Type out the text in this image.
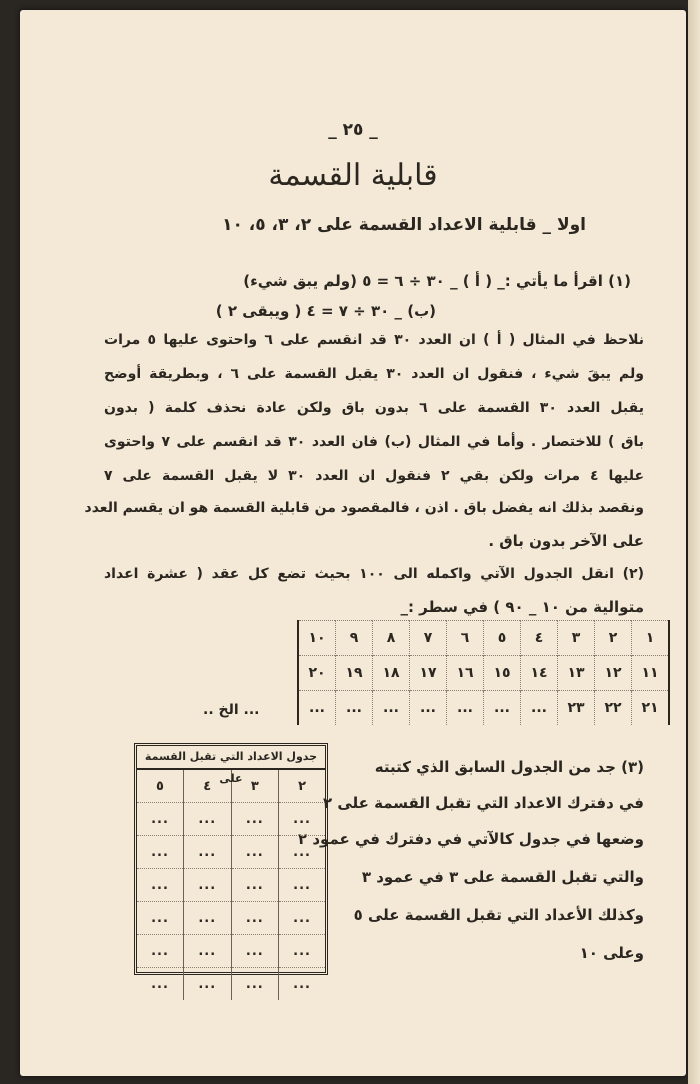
_ ٢٥ _
قابلية القسمة
اولا _ قابلية الاعداد القسمة على ٢، ٣، ٥، ١٠
(١) اقرأ ما يأتي :_ ( أ ) _ ٣٠ ÷ ٦ = ٥ (ولم يبق شيء)
(ب) _ ٣٠ ÷ ٧ = ٤ ( ويبقى ٢ )
نلاحظ في المثال ( أ ) ان العدد ٣٠ قد انقسم على ٦ واحتوى عليها ٥ مرات
ولم يبقَ شيء ، فنقول ان العدد ٣٠ يقبل القسمة على ٦ ، وبطريقة أوضح
يقبل العدد ٣٠ القسمة على ٦ بدون باق ولكن عادة نحذف كلمة ( بدون
باق ) للاختصار . وأما في المثال (ب) فان العدد ٣٠ قد انقسم على ٧ واحتوى
عليها ٤ مرات ولكن بقي ٢ فنقول ان العدد ٣٠ لا يقبل القسمة على ٧
ونقصد بذلك انه يفضل باق . اذن ، فالمقصود من قابلية القسمة هو ان يقسم العدد
على الآخر بدون باق .
(٢) انقل الجدول الآتي واكمله الى ١٠٠ بحيث تضع كل عقد ( عشرة اعداد
متوالية من ١٠ _ ٩٠ ) في سطر :_
١	٢	٣	٤	٥	٦	٧	٨	٩	١٠
١١	١٢	١٣	١٤	١٥	١٦	١٧	١٨	١٩	٢٠
٢١	٢٢	٢٣	...	...	...	...	...	...	...
... الخ ..
(٣) جد من الجدول السابق الذي كتبته
في دفترك الاعداد التي تقبل القسمة على ٢
وضعها في جدول كالآتي في دفترك في عمود ٢
والتي تقبل القسمة على ٣ في عمود ٣
وكذلك الأعداد التي تقبل القسمة على ٥
وعلى ١٠
جدول الاعداد التي تقبل القسمة على	٢	٣	٤	٥
...	...	...	...
...	...	...	...
...	...	...	...
...	...	...	...
...	...	...	...
...	...	...	...
